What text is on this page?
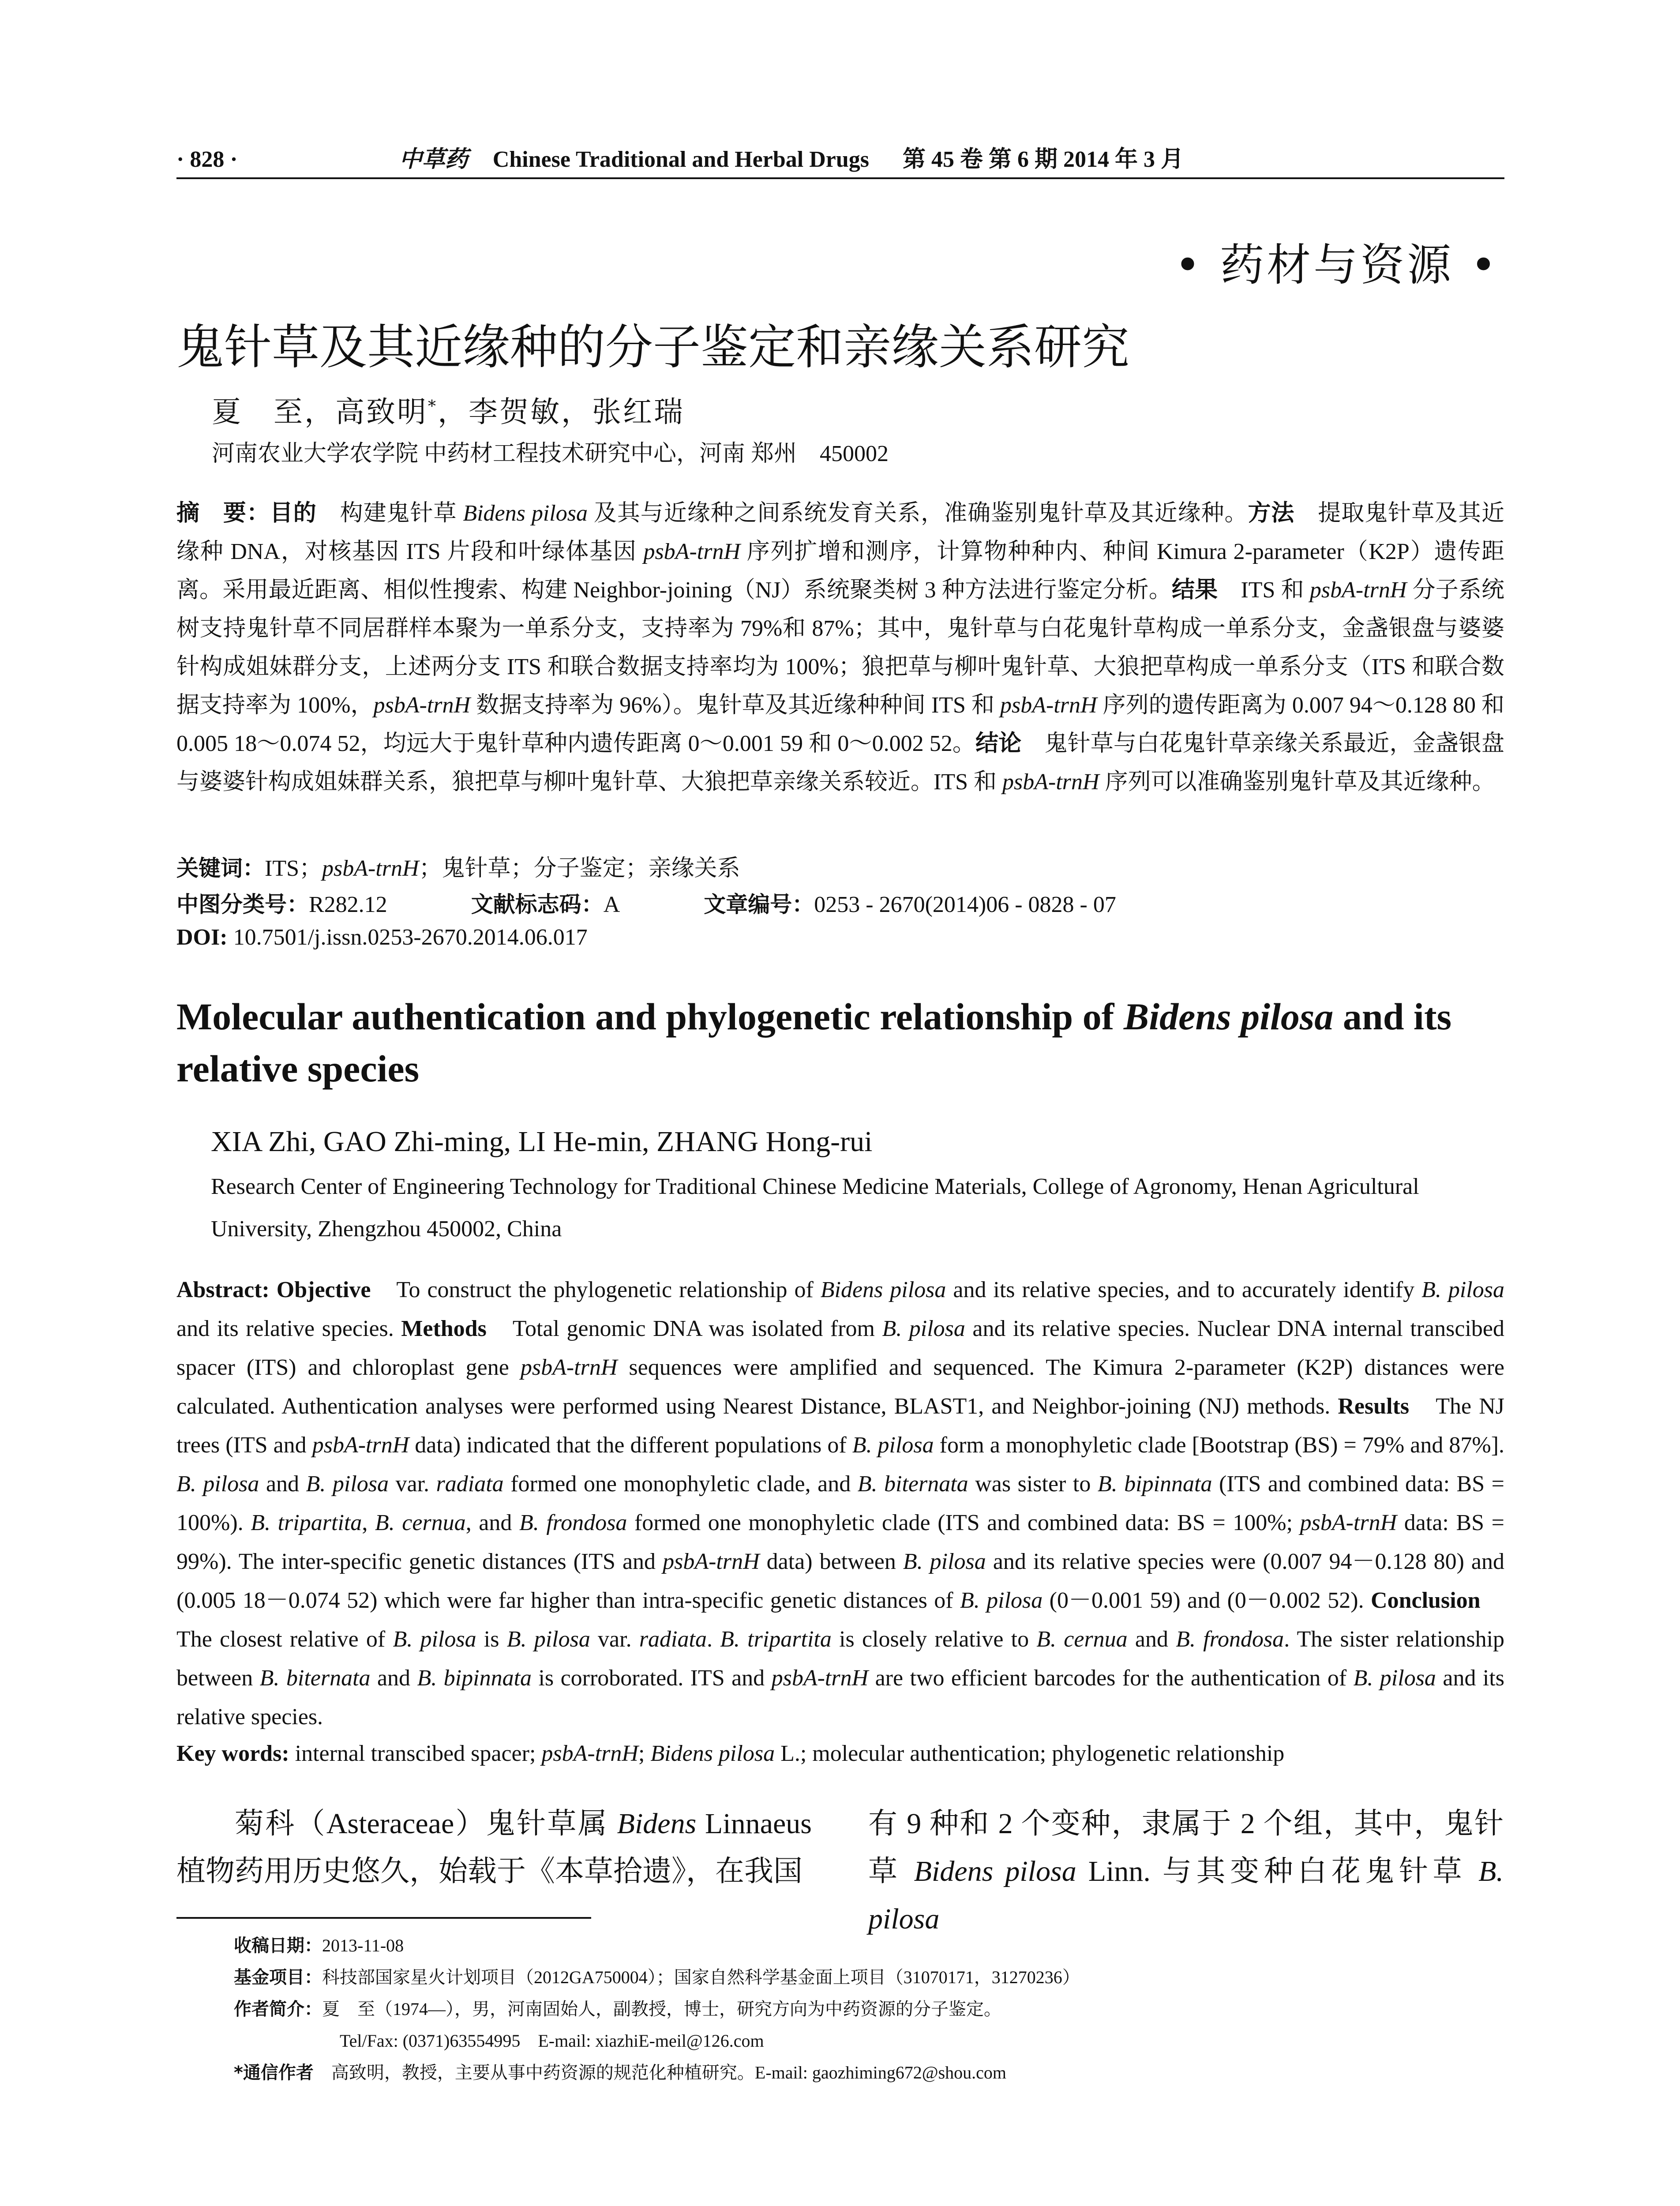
· 828 ·	中草药 Chinese Traditional and Herbal Drugs 第 45 卷 第 6 期 2014 年 3 月
• 药材与资源 •
鬼针草及其近缘种的分子鉴定和亲缘关系研究
夏　至，高致明*，李贺敏，张红瑞
河南农业大学农学院 中药材工程技术研究中心，河南 郑州　450002
摘　要：目的　构建鬼针草 Bidens pilosa 及其与近缘种之间系统发育关系，准确鉴别鬼针草及其近缘种。方法　提取鬼针草及其近缘种 DNA，对核基因 ITS 片段和叶绿体基因 psbA-trnH 序列扩增和测序，计算物种种内、种间 Kimura 2-parameter（K2P）遗传距离。采用最近距离、相似性搜索、构建 Neighbor-joining（NJ）系统聚类树 3 种方法进行鉴定分析。结果　ITS 和 psbA-trnH 分子系统树支持鬼针草不同居群样本聚为一单系分支，支持率为 79%和 87%；其中，鬼针草与白花鬼针草构成一单系分支，金盏银盘与婆婆针构成姐妹群分支，上述两分支 ITS 和联合数据支持率均为 100%；狼把草与柳叶鬼针草、大狼把草构成一单系分支（ITS 和联合数据支持率为 100%，psbA-trnH 数据支持率为 96%）。鬼针草及其近缘种种间 ITS 和 psbA-trnH 序列的遗传距离为 0.007 94～0.128 80 和 0.005 18～0.074 52，均远大于鬼针草种内遗传距离 0～0.001 59 和 0～0.002 52。结论　鬼针草与白花鬼针草亲缘关系最近，金盏银盘与婆婆针构成姐妹群关系，狼把草与柳叶鬼针草、大狼把草亲缘关系较近。ITS 和 psbA-trnH 序列可以准确鉴别鬼针草及其近缘种。
关键词：ITS；psbA-trnH；鬼针草；分子鉴定；亲缘关系
中图分类号：R282.12	文献标志码：A	文章编号：0253 - 2670(2014)06 - 0828 - 07
DOI: 10.7501/j.issn.0253-2670.2014.06.017
Molecular authentication and phylogenetic relationship of Bidens pilosa and its relative species
XIA Zhi, GAO Zhi-ming, LI He-min, ZHANG Hong-rui
Research Center of Engineering Technology for Traditional Chinese Medicine Materials, College of Agronomy, Henan Agricultural University, Zhengzhou 450002, China
Abstract: Objective　To construct the phylogenetic relationship of Bidens pilosa and its relative species, and to accurately identify B. pilosa and its relative species. Methods　Total genomic DNA was isolated from B. pilosa and its relative species. Nuclear DNA internal transcibed spacer (ITS) and chloroplast gene psbA-trnH sequences were amplified and sequenced. The Kimura 2-parameter (K2P) distances were calculated. Authentication analyses were performed using Nearest Distance, BLAST1, and Neighbor-joining (NJ) methods. Results　The NJ trees (ITS and psbA-trnH data) indicated that the different populations of B. pilosa form a monophyletic clade [Bootstrap (BS) = 79% and 87%]. B. pilosa and B. pilosa var. radiata formed one monophyletic clade, and B. biternata was sister to B. bipinnata (ITS and combined data: BS = 100%). B. tripartita, B. cernua, and B. frondosa formed one monophyletic clade (ITS and combined data: BS = 100%; psbA-trnH data: BS = 99%). The inter-specific genetic distances (ITS and psbA-trnH data) between B. pilosa and its relative species were (0.007 94－0.128 80) and (0.005 18－0.074 52) which were far higher than intra-specific genetic distances of B. pilosa (0－0.001 59) and (0－0.002 52). Conclusion　The closest relative of B. pilosa is B. pilosa var. radiata. B. tripartita is closely relative to B. cernua and B. frondosa. The sister relationship between B. biternata and B. bipinnata is corroborated. ITS and psbA-trnH are two efficient barcodes for the authentication of B. pilosa and its relative species.
Key words: internal transcibed spacer; psbA-trnH; Bidens pilosa L.; molecular authentication; phylogenetic relationship
菊科（Asteraceae）鬼针草属 Bidens Linnaeus 植物药用历史悠久，始载于《本草拾遗》，在我国
有 9 种和 2 个变种，隶属于 2 个组，其中，鬼针草 Bidens pilosa Linn. 与其变种白花鬼针草 B. pilosa
收稿日期：2013-11-08
基金项目：科技部国家星火计划项目（2012GA750004）；国家自然科学基金面上项目（31070171，31270236）
作者简介：夏　至（1974—），男，河南固始人，副教授，博士，研究方向为中药资源的分子鉴定。
Tel/Fax: (0371)63554995　E-mail: xiazhiE-meil@126.com
*通信作者　高致明，教授，主要从事中药资源的规范化种植研究。E-mail: gaozhiming672@shou.com
